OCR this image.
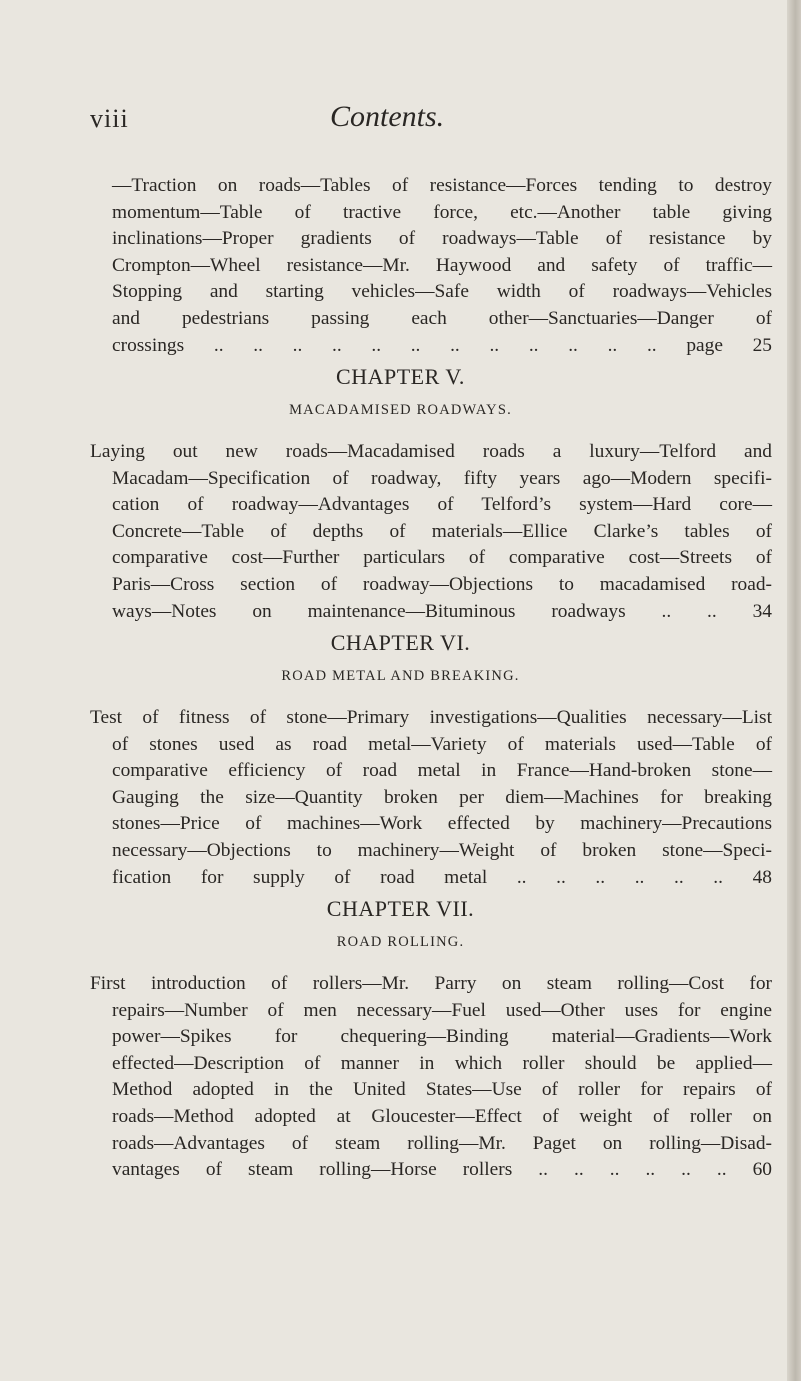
viii	Contents.
—Traction on roads—Tables of resistance—Forces tending to destroy
momentum—Table of tractive force, etc.—Another table giving
inclinations—Proper gradients of roadways—Table of resistance by
Crompton—Wheel resistance—Mr. Haywood and safety of traffic—
Stopping and starting vehicles—Safe width of roadways—Vehicles
and pedestrians passing each other—Sanctuaries—Danger of
crossings .. .. .. .. .. .. .. .. .. .. .. .. page 25
CHAPTER V.
MACADAMISED ROADWAYS.
Laying out new roads—Macadamised roads a luxury—Telford and
Macadam—Specification of roadway, fifty years ago—Modern specifi-
cation of roadway—Advantages of Telford’s system—Hard core—
Concrete—Table of depths of materials—Ellice Clarke’s tables of
comparative cost—Further particulars of comparative cost—Streets of
Paris—Cross section of roadway—Objections to macadamised road-
ways—Notes on maintenance—Bituminous roadways .. .. 34
CHAPTER VI.
ROAD METAL AND BREAKING.
Test of fitness of stone—Primary investigations—Qualities necessary—List
of stones used as road metal—Variety of materials used—Table of
comparative efficiency of road metal in France—Hand-broken stone—
Gauging the size—Quantity broken per diem—Machines for breaking
stones—Price of machines—Work effected by machinery—Precautions
necessary—Objections to machinery—Weight of broken stone—Speci-
fication for supply of road metal .. .. .. .. .. .. 48
CHAPTER VII.
ROAD ROLLING.
First introduction of rollers—Mr. Parry on steam rolling—Cost for
repairs—Number of men necessary—Fuel used—Other uses for engine
power—Spikes for chequering—Binding material—Gradients—Work
effected—Description of manner in which roller should be applied—
Method adopted in the United States—Use of roller for repairs of
roads—Method adopted at Gloucester—Effect of weight of roller on
roads—Advantages of steam rolling—Mr. Paget on rolling—Disad-
vantages of steam rolling—Horse rollers .. .. .. .. .. .. 60
